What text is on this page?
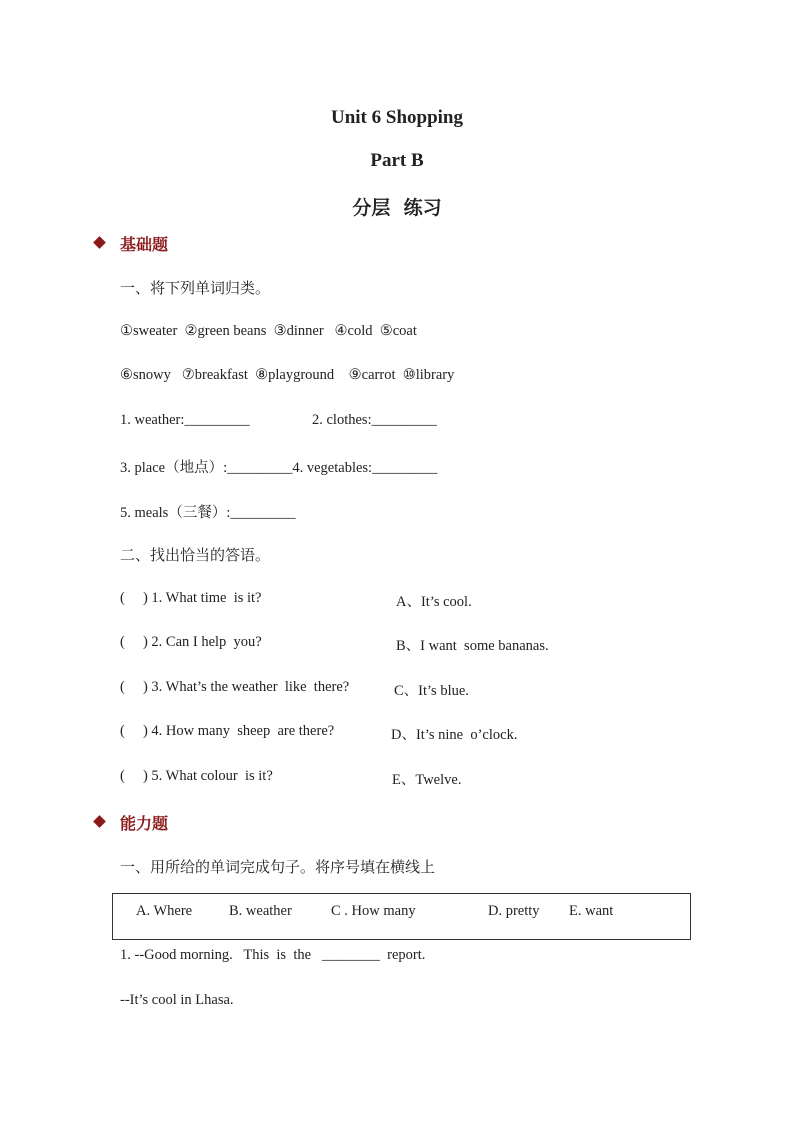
Unit 6 Shopping
Part B
分层  练习
基础题
一、将下列单词归类。
①sweater  ②green beans  ③dinner   ④cold  ⑤coat
⑥snowy   ⑦breakfast  ⑧playground    ⑨carrot  ⑩library
1. weather:_________	2. clothes:_________
3. place（地点）:_________4. vegetables:_________
5. meals（三餐）:_________
二、找出恰当的答语。
(     ) 1. What time  is it?	A、It’s cool.
(     ) 2. Can I help  you?	B、I want  some bananas.
(     ) 3. What’s the weather  like  there?	C、It’s blue.
(     ) 4. How many  sheep  are there?	D、It’s nine  o’clock.
(     ) 5. What colour  is it?	E、Twelve.
能力题
一、用所给的单词完成句子。将序号填在横线上
A. Where	B. weather	C . How many	D. pretty E. want
1. --Good morning.   This  is  the   ________  report.
--It’s cool in Lhasa.
